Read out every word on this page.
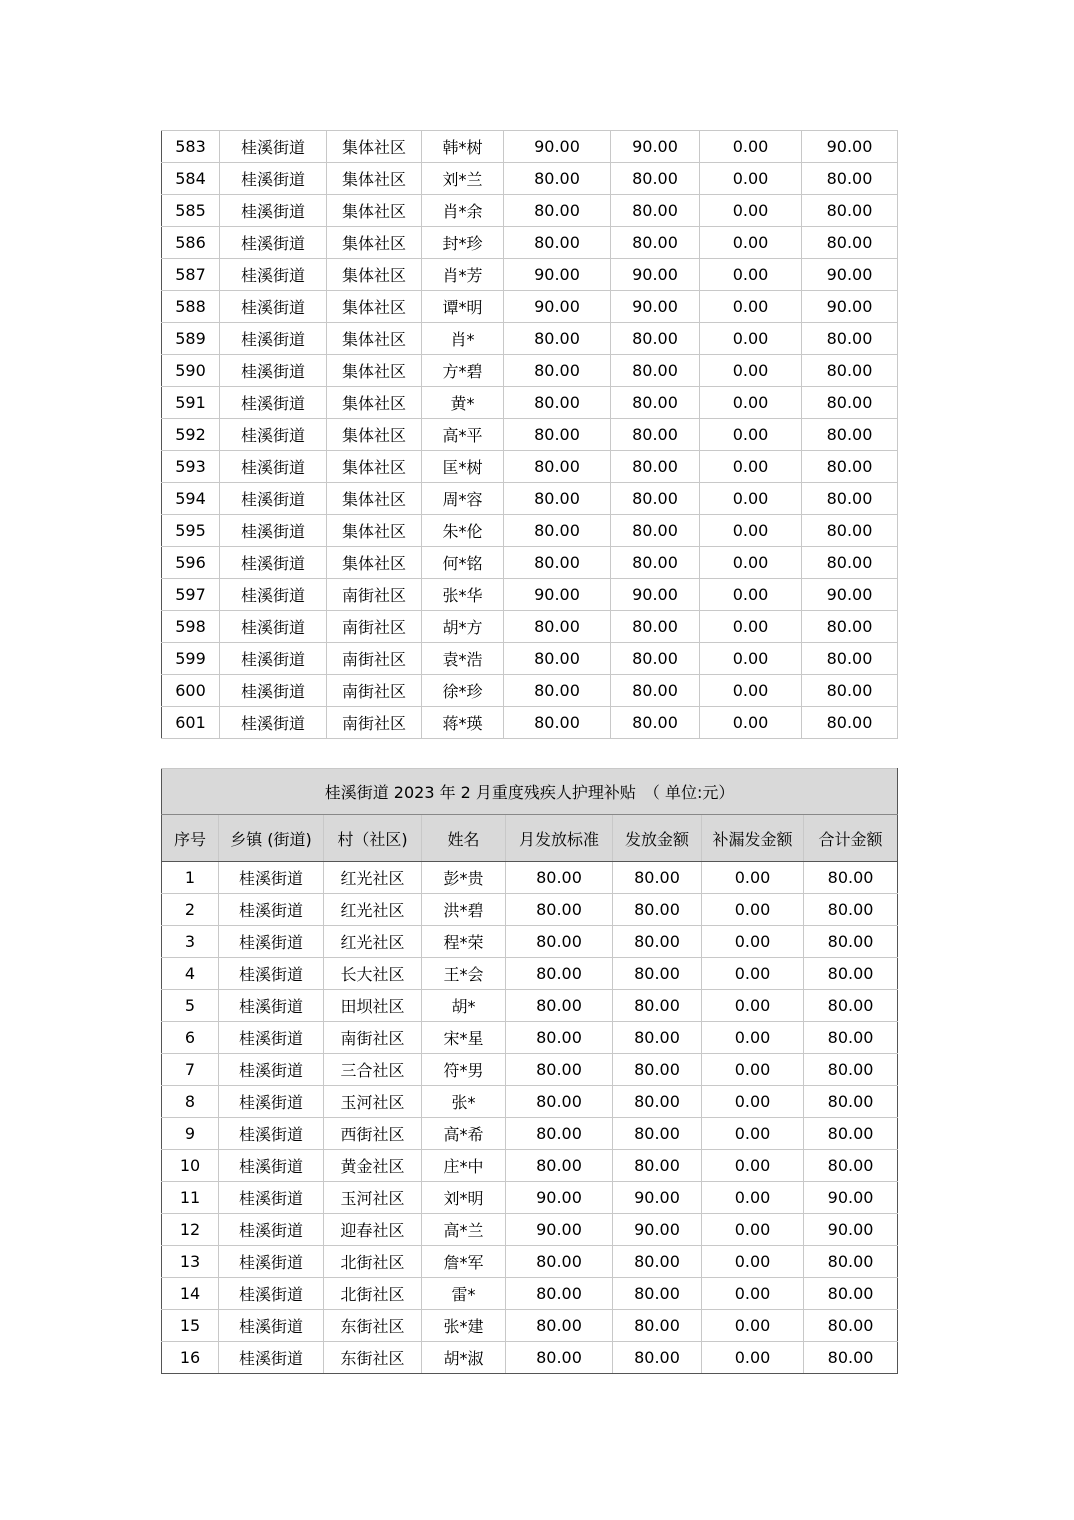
583	桂溪街道	集体社区	韩*树	90.00	90.00	0.00	90.00
584	桂溪街道	集体社区	刘*兰	80.00	80.00	0.00	80.00
585	桂溪街道	集体社区	肖*余	80.00	80.00	0.00	80.00
586	桂溪街道	集体社区	封*珍	80.00	80.00	0.00	80.00
587	桂溪街道	集体社区	肖*芳	90.00	90.00	0.00	90.00
588	桂溪街道	集体社区	谭*明	90.00	90.00	0.00	90.00
589	桂溪街道	集体社区	肖*	80.00	80.00	0.00	80.00
590	桂溪街道	集体社区	方*碧	80.00	80.00	0.00	80.00
591	桂溪街道	集体社区	黄*	80.00	80.00	0.00	80.00
592	桂溪街道	集体社区	高*平	80.00	80.00	0.00	80.00
593	桂溪街道	集体社区	匡*树	80.00	80.00	0.00	80.00
594	桂溪街道	集体社区	周*容	80.00	80.00	0.00	80.00
595	桂溪街道	集体社区	朱*伦	80.00	80.00	0.00	80.00
596	桂溪街道	集体社区	何*铭	80.00	80.00	0.00	80.00
597	桂溪街道	南街社区	张*华	90.00	90.00	0.00	90.00
598	桂溪街道	南街社区	胡*方	80.00	80.00	0.00	80.00
599	桂溪街道	南街社区	袁*浩	80.00	80.00	0.00	80.00
600	桂溪街道	南街社区	徐*珍	80.00	80.00	0.00	80.00
601	桂溪街道	南街社区	蒋*瑛	80.00	80.00	0.00	80.00
桂溪街道 2023 年 2 月重度残疾人护理补贴　（ 单位:元）							
序号	乡镇 (街道)	村（社区)	姓名	月发放标准	发放金额	补漏发金额	合计金额
1	桂溪街道	红光社区	彭*贵	80.00	80.00	0.00	80.00
2	桂溪街道	红光社区	洪*碧	80.00	80.00	0.00	80.00
3	桂溪街道	红光社区	程*荣	80.00	80.00	0.00	80.00
4	桂溪街道	长大社区	王*会	80.00	80.00	0.00	80.00
5	桂溪街道	田坝社区	胡*	80.00	80.00	0.00	80.00
6	桂溪街道	南街社区	宋*星	80.00	80.00	0.00	80.00
7	桂溪街道	三合社区	符*男	80.00	80.00	0.00	80.00
8	桂溪街道	玉河社区	张*	80.00	80.00	0.00	80.00
9	桂溪街道	西街社区	高*希	80.00	80.00	0.00	80.00
10	桂溪街道	黄金社区	庄*中	80.00	80.00	0.00	80.00
11	桂溪街道	玉河社区	刘*明	90.00	90.00	0.00	90.00
12	桂溪街道	迎春社区	高*兰	90.00	90.00	0.00	90.00
13	桂溪街道	北街社区	詹*军	80.00	80.00	0.00	80.00
14	桂溪街道	北街社区	雷*	80.00	80.00	0.00	80.00
15	桂溪街道	东街社区	张*建	80.00	80.00	0.00	80.00
16	桂溪街道	东街社区	胡*淑	80.00	80.00	0.00	80.00
